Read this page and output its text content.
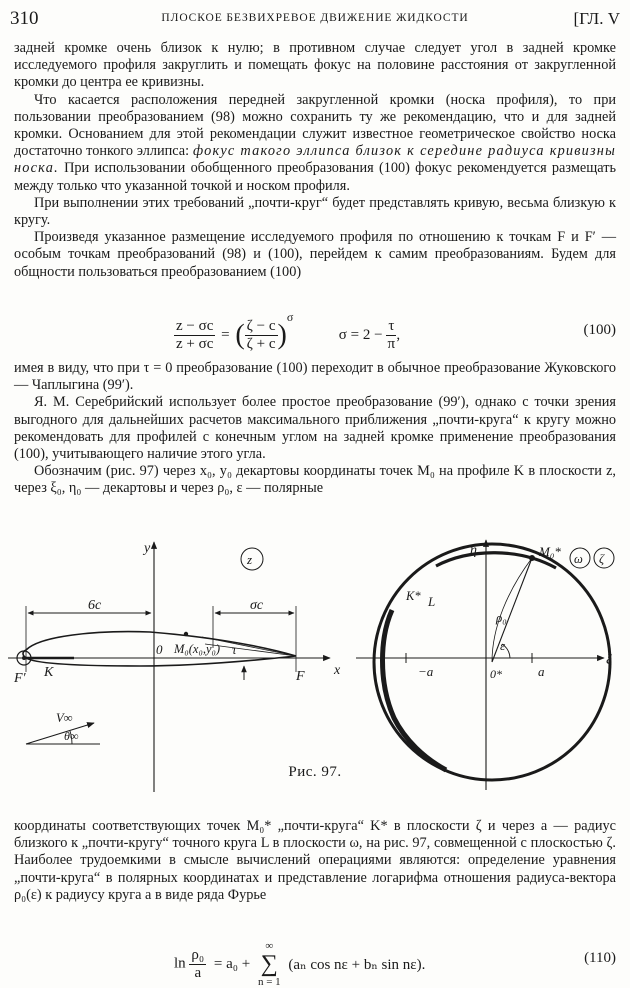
310	ПЛОСКОЕ БЕЗВИХРЕВОЕ ДВИЖЕНИЕ ЖИДКОСТИ	[ГЛ. V

задней кромке очень близок к нулю; в противном случае следует угол в задней кромке исследуемого профиля закруглить и помещать фокус на половине расстояния от закругленной кромки до центра ее кривизны.

Что касается расположения передней закругленной кромки (носка профиля), то при пользовании преобразованием (98) можно сохранить ту же рекомендацию, что и для задней кромки. Основанием для этой рекомендации служит известное геометрическое свойство носка достаточно тонкого эллипса: фокус такого эллипса близок к середине радиуса кривизны носка. При использовании обобщенного преобразования (100) фокус рекомендуется размещать между только что указанной точкой и носком профиля.

При выполнении этих требований „почти-круг“ будет представлять кривую, весьма близкую к кругу.

Произведя указанное размещение исследуемого профиля по отношению к точкам F и F′ — особым точкам преобразований (98) и (100), перейдем к самим преобразованиям. Будем для общности пользоваться преобразованием (100)

$\frac{z - \sigma c}{z + \sigma c}$ = ( $\frac{\zeta - c}{\zeta + c} )^\sigma$  $\sigma = 2 - \frac{\tau}{\pi}$ ,	(100)

имея в виду, что при τ = 0 преобразование (100) переходит в обычное преобразование Жуковского — Чаплыгина (99′).

Я. М. Серебрийский использует более простое преобразование (99′), однако с точки зрения выгодного для дальнейших расчетов максимального приближения „почти-круга“ к кругу можно рекомендовать для профилей с конечным углом на задней кромке применение преобразования (100), учитывающего наличие этого угла.

Обозначим (рис. 97) через x₀, y₀ декартовы координаты точек M₀ на профиле K в плоскости z, через ξ₀, η₀ — декартовы и через ρ₀, ε — полярные

y
x
z
6c	σc
0 M₀(x₀,y₀) τ
K
F′	F
V∞
θ∞
η
ξ
M₀*
K* L
ρ₀
ε
−a	0*	a
ω ζ
Рис. 97.

координаты соответствующих точек M₀* „почти-круга“ K* в плоскости ζ и через a — радиус близкого к „почти-кругу“ точного круга L в плоскости ω, на рис. 97, совмещенной с плоскостью ζ. Наиболее трудоемкими в смысле вычислений операциями являются: определение уравнения „почти-круга“ в полярных координатах и представление логарифма отношения радиуса-вектора ρ₀(ε) к радиусу круга a в виде ряда Фурье

$\ln \frac{\text{ρ₀}}{a} = a_0$ +
∞
∑
n = 1
(aₙ cos nε + bₙ sin nε).	(110)
